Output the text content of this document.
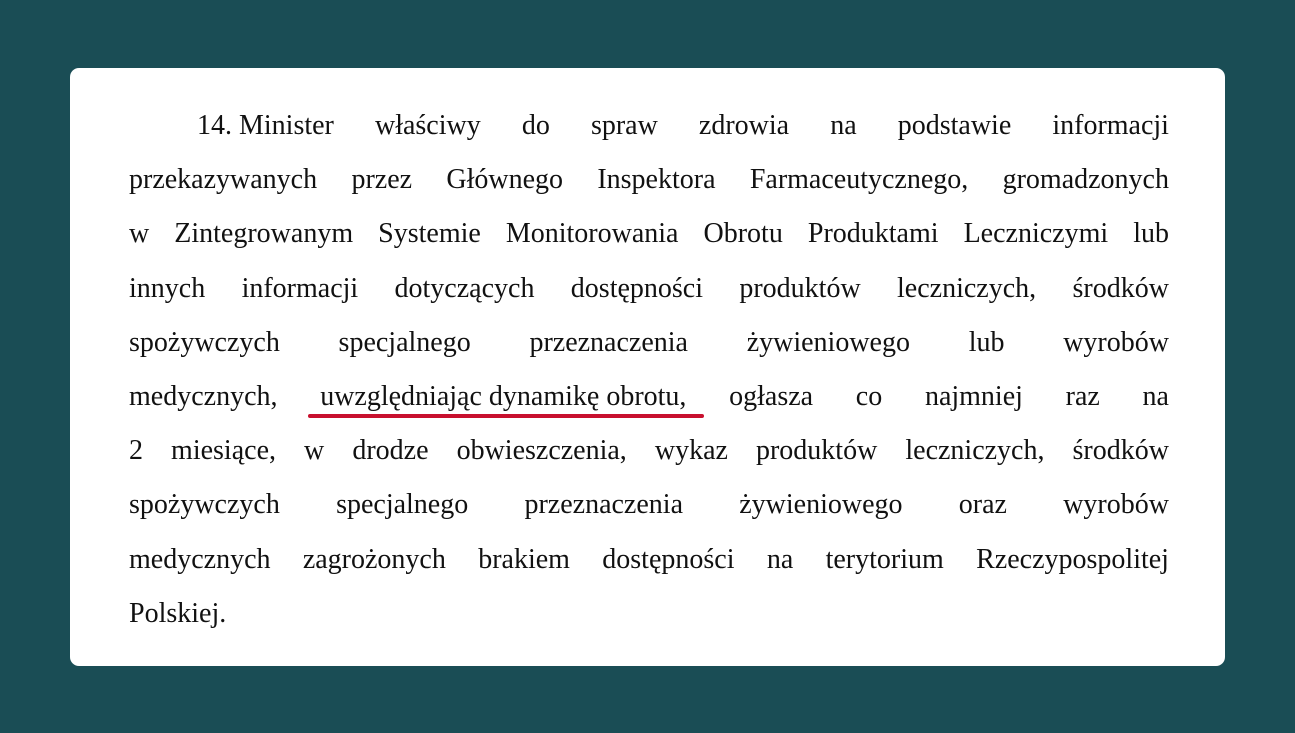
14. Minister właściwy do spraw zdrowia na podstawie informacji
przekazywanych przez Głównego Inspektora Farmaceutycznego, gromadzonych
w Zintegrowanym Systemie Monitorowania Obrotu Produktami Leczniczymi lub
innych informacji dotyczących dostępności produktów leczniczych, środków
spożywczych specjalnego przeznaczenia żywieniowego lub wyrobów
medycznych, uwzględniając dynamikę obrotu, ogłasza co najmniej raz na
2 miesiące, w drodze obwieszczenia, wykaz produktów leczniczych, środków
spożywczych specjalnego przeznaczenia żywieniowego oraz wyrobów
medycznych zagrożonych brakiem dostępności na terytorium Rzeczypospolitej
Polskiej.
